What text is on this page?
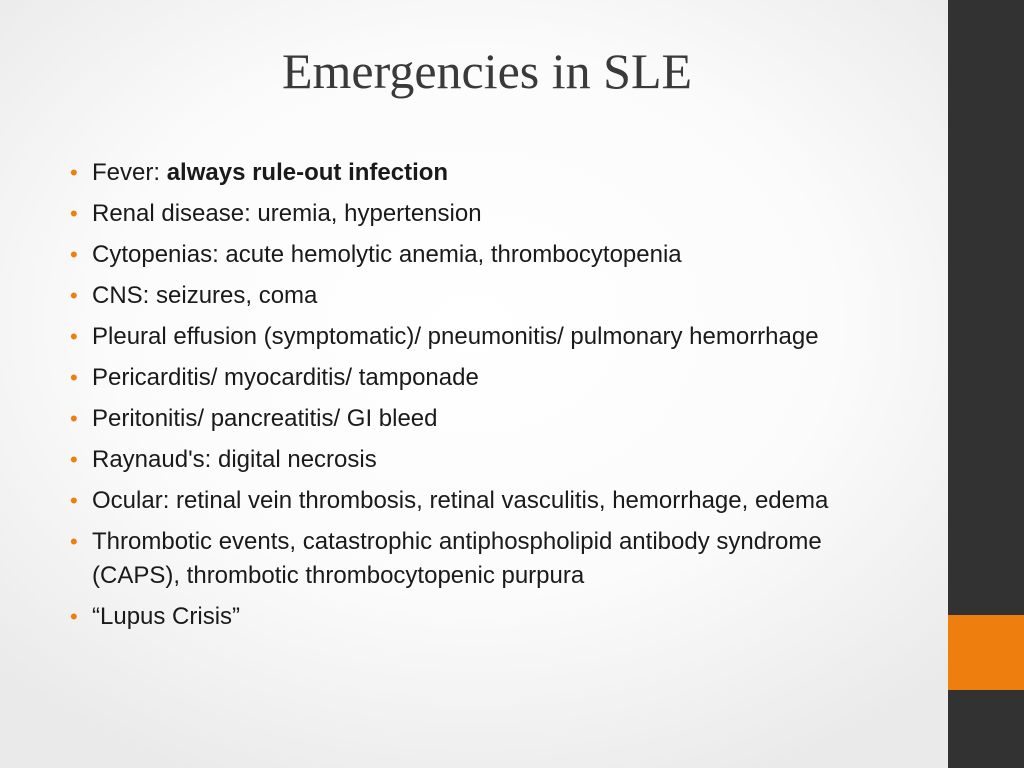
Emergencies in SLE
• Fever: always rule-out infection
• Renal disease: uremia, hypertension
• Cytopenias: acute hemolytic anemia, thrombocytopenia
• CNS: seizures, coma
• Pleural effusion (symptomatic)/ pneumonitis/ pulmonary hemorrhage
• Pericarditis/ myocarditis/ tamponade
• Peritonitis/ pancreatitis/ GI bleed
• Raynaud's: digital necrosis
• Ocular: retinal vein thrombosis, retinal vasculitis, hemorrhage, edema
• Thrombotic events, catastrophic antiphospholipid antibody syndrome (CAPS), thrombotic thrombocytopenic purpura
• “Lupus Crisis”
